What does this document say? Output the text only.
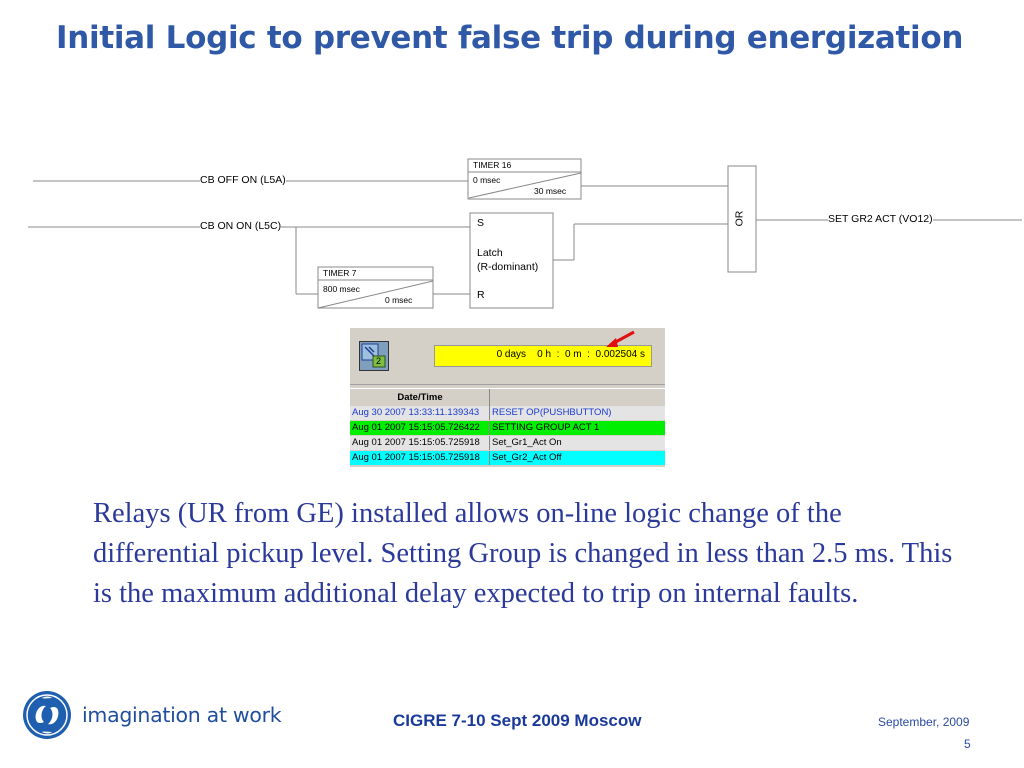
Initial Logic to prevent false trip during energization
CB OFF ON (L5A)
CB ON ON (L5C)
TIMER 16
0 msec
30 msec
TIMER 7
800 msec
0 msec
S
Latch
(R-dominant)
R
OR	SET GR2 ACT (VO12)
2
0 days    0 h  :  0 m  :  0.002504 s
Date/Time
Aug 30 2007 13:33:11.139343	RESET OP(PUSHBUTTON)
Aug 01 2007 15:15:05.726422	SETTING GROUP ACT 1
Aug 01 2007 15:15:05.725918	Set_Gr1_Act On
Aug 01 2007 15:15:05.725918	Set_Gr2_Act Off
Relays (UR from GE) installed allows on-line logic change of the differential pickup level. Setting Group is changed in less than 2.5 ms. This is the maximum additional delay expected to trip on internal faults.
imagination at work	CIGRE 7-10 Sept 2009 Moscow	September, 2009
5
